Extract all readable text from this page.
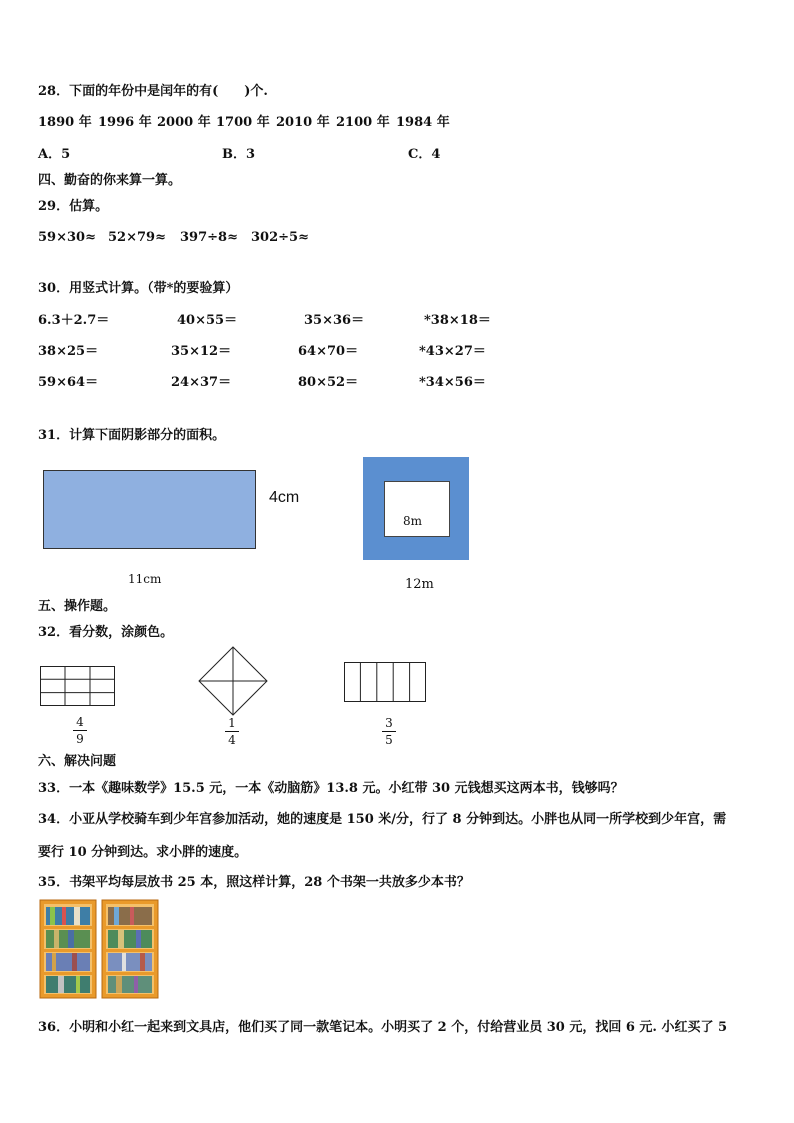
28．下面的年份中是闰年的有(　　)个.
1890 年 1996 年 2000 年 1700 年 2010 年 2100 年 1984 年
A．5	B．3	C．4
四、勤奋的你来算一算。
29．估算。
59×30≈ 52×79≈ 397÷8≈ 302÷5≈
30．用竖式计算。（带*的要验算）
6.3＋2.7＝	40×55＝	35×36＝	*38×18＝
38×25＝	35×12＝	64×70＝	*43×27＝
59×64＝	24×37＝	80×52＝	*34×56＝
31．计算下面阴影部分的面积。
4cm
11cm
8m
12m
五、操作题。
32．看分数，涂颜色。
4
9
1
4
3
5
六、解决问题
33．一本《趣味数学》15.5 元，一本《动脑筋》13.8 元。小红带 30 元钱想买这两本书，钱够吗？
34．小亚从学校骑车到少年宫参加活动，她的速度是 150 米/分，行了 8 分钟到达。小胖也从同一所学校到少年宫，需
要行 10 分钟到达。求小胖的速度。
35．书架平均每层放书 25 本，照这样计算，28 个书架一共放多少本书？
36．小明和小红一起来到文具店，他们买了同一款笔记本。小明买了 2 个，付给营业员 30 元，找回 6 元. 小红买了 5
